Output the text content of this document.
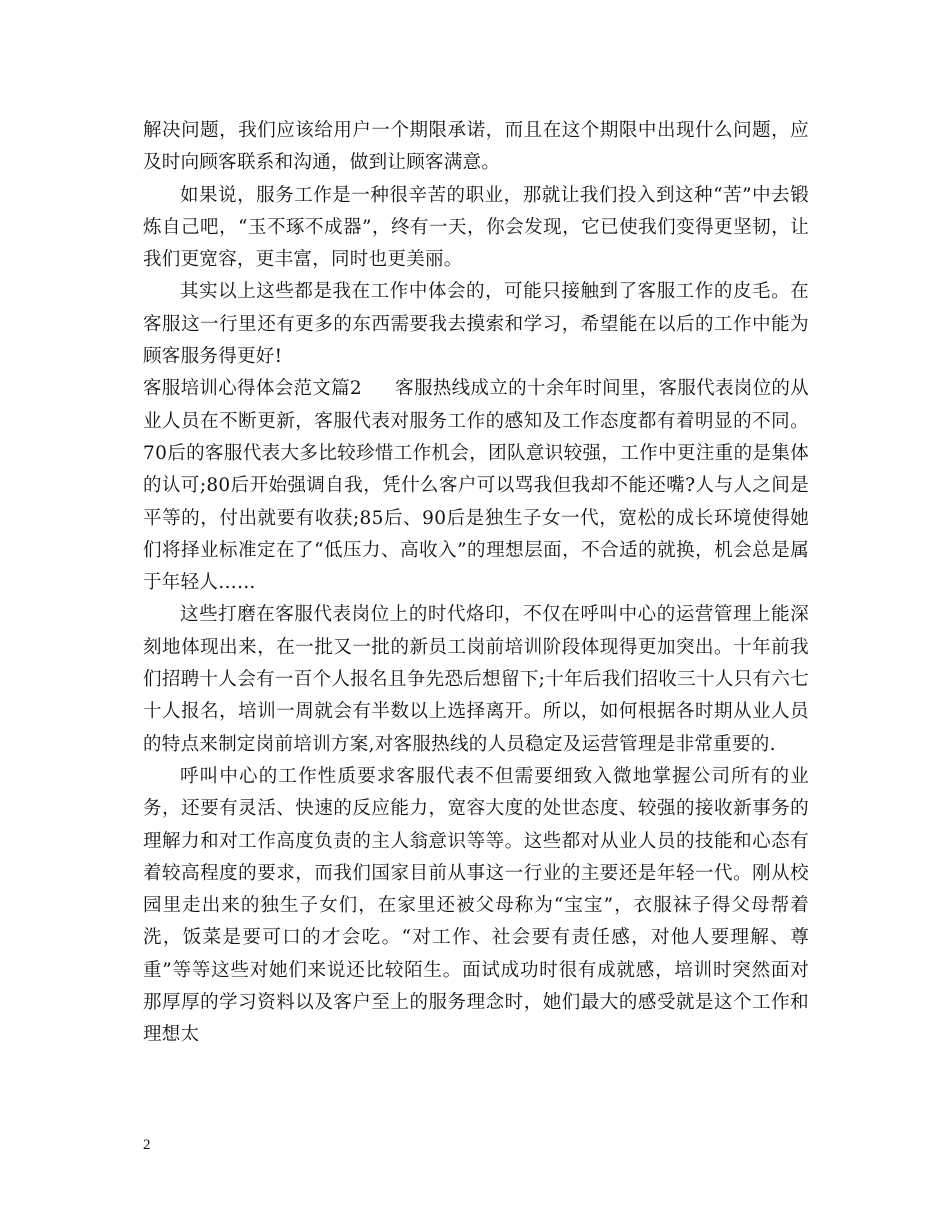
解决问题，我们应该给用户一个期限承诺，而且在这个期限中出现什么问题，应及时向顾客联系和沟通，做到让顾客满意。

如果说，服务工作是一种很辛苦的职业，那就让我们投入到这种“苦”中去锻炼自己吧，“玉不琢不成器”，终有一天，你会发现，它已使我们变得更坚韧，让我们更宽容，更丰富，同时也更美丽。

其实以上这些都是我在工作中体会的，可能只接触到了客服工作的皮毛。在客服这一行里还有更多的东西需要我去摸索和学习，希望能在以后的工作中能为顾客服务得更好!

客服培训心得体会范文篇2 客服热线成立的十余年时间里，客服代表岗位的从业人员在不断更新，客服代表对服务工作的感知及工作态度都有着明显的不同。70后的客服代表大多比较珍惜工作机会，团队意识较强，工作中更注重的是集体的认可;80后开始强调自我，凭什么客户可以骂我但我却不能还嘴?人与人之间是平等的，付出就要有收获;85后、90后是独生子女一代，宽松的成长环境使得她们将择业标准定在了“低压力、高收入”的理想层面，不合适的就换，机会总是属于年轻人……

这些打磨在客服代表岗位上的时代烙印，不仅在呼叫中心的运营管理上能深刻地体现出来，在一批又一批的新员工岗前培训阶段体现得更加突出。十年前我们招聘十人会有一百个人报名且争先恐后想留下;十年后我们招收三十人只有六七十人报名，培训一周就会有半数以上选择离开。所以，如何根据各时期从业人员的特点来制定岗前培训方案,对客服热线的人员稳定及运营管理是非常重要的.

呼叫中心的工作性质要求客服代表不但需要细致入微地掌握公司所有的业务，还要有灵活、快速的反应能力，宽容大度的处世态度、较强的接收新事务的理解力和对工作高度负责的主人翁意识等等。这些都对从业人员的技能和心态有着较高程度的要求，而我们国家目前从事这一行业的主要还是年轻一代。刚从校园里走出来的独生子女们，在家里还被父母称为“宝宝”，衣服袜子得父母帮着洗，饭菜是要可口的才会吃。“对工作、社会要有责任感，对他人要理解、尊重”等等这些对她们来说还比较陌生。面试成功时很有成就感，培训时突然面对那厚厚的学习资料以及客户至上的服务理念时，她们最大的感受就是这个工作和理想太

2
